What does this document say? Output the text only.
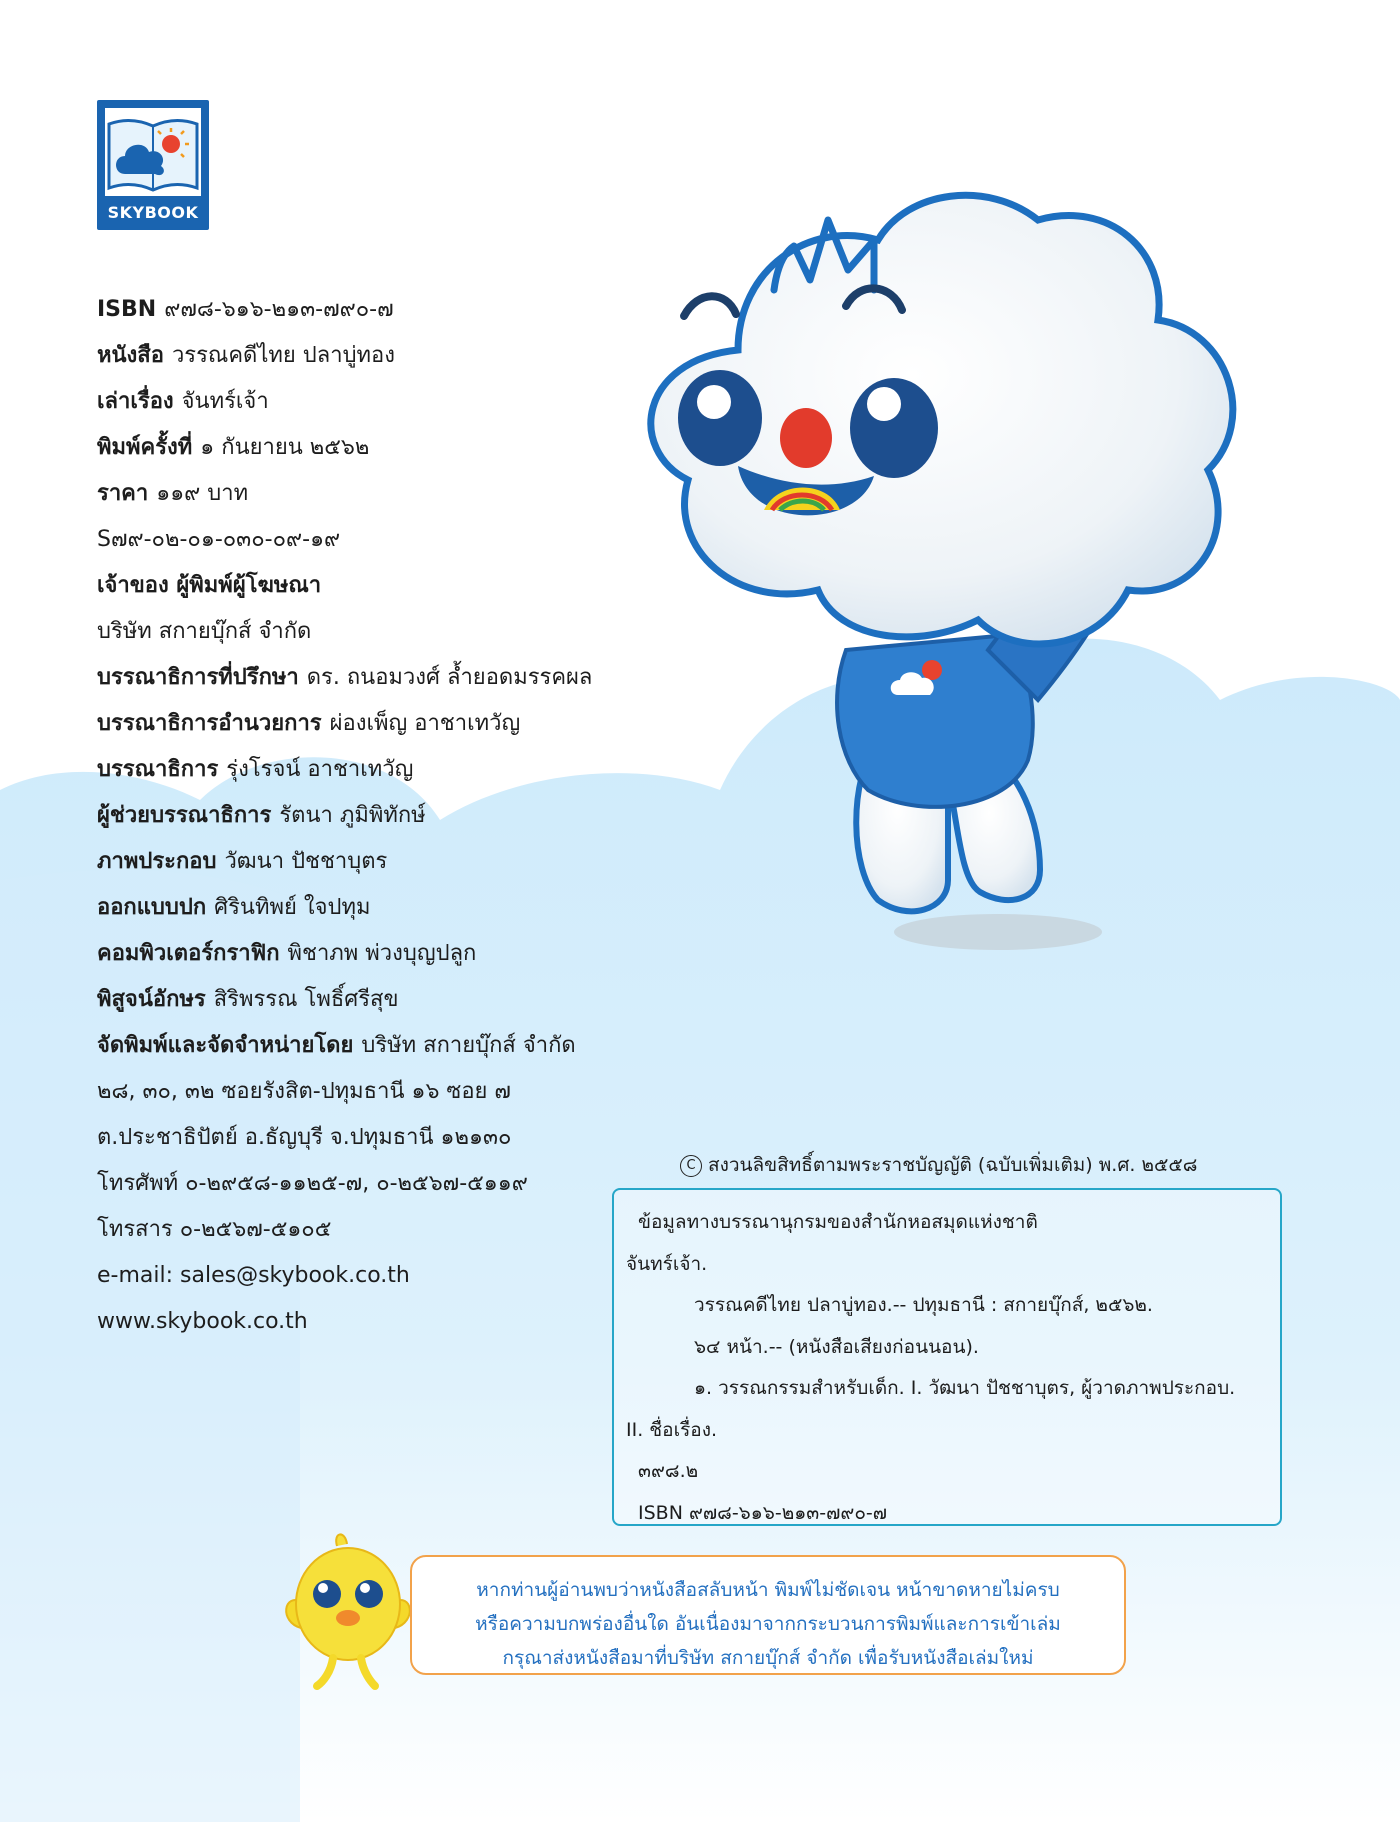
SKYBOOK
ISBN ๙๗๘-๖๑๖-๒๑๓-๗๙๐-๗
หนังสือ วรรณคดีไทย ปลาบู่ทอง
เล่าเรื่อง จันทร์เจ้า
พิมพ์ครั้งที่ ๑ กันยายน ๒๕๖๒
ราคา ๑๑๙ บาท
S๗๙-๐๒-๐๑-๐๓๐-๐๙-๑๙
เจ้าของ ผู้พิมพ์ผู้โฆษณา
บริษัท สกายบุ๊กส์ จำกัด
บรรณาธิการที่ปรึกษา ดร. ถนอมวงศ์ ล้ำยอดมรรคผล
บรรณาธิการอำนวยการ ผ่องเพ็ญ อาชาเทวัญ
บรรณาธิการ รุ่งโรจน์ อาชาเทวัญ
ผู้ช่วยบรรณาธิการ รัตนา ภูมิพิทักษ์
ภาพประกอบ วัฒนา ปัชชาบุตร
ออกแบบปก ศิรินทิพย์ ใจปทุม
คอมพิวเตอร์กราฟิก พิชาภพ พ่วงบุญปลูก
พิสูจน์อักษร สิริพรรณ โพธิ์ศรีสุข
จัดพิมพ์และจัดจำหน่ายโดย บริษัท สกายบุ๊กส์ จำกัด
๒๘, ๓๐, ๓๒ ซอยรังสิต-ปทุมธานี ๑๖ ซอย ๗
ต.ประชาธิปัตย์ อ.ธัญบุรี จ.ปทุมธานี ๑๒๑๓๐
โทรศัพท์ ๐-๒๙๕๘-๑๑๒๕-๗, ๐-๒๕๖๗-๕๑๑๙
โทรสาร ๐-๒๕๖๗-๕๑๐๕
e-mail: sales@skybook.co.th
www.skybook.co.th
C สงวนลิขสิทธิ์ตามพระราชบัญญัติ (ฉบับเพิ่มเติม) พ.ศ. ๒๕๕๘
ข้อมูลทางบรรณานุกรมของสำนักหอสมุดแห่งชาติ
จันทร์เจ้า.
วรรณคดีไทย ปลาบู่ทอง.-- ปทุมธานี : สกายบุ๊กส์, ๒๕๖๒.
๖๔ หน้า.-- (หนังสือเสียงก่อนนอน).
๑. วรรณกรรมสำหรับเด็ก. I. วัฒนา ปัชชาบุตร, ผู้วาดภาพประกอบ.
II. ชื่อเรื่อง.
๓๙๘.๒
ISBN ๙๗๘-๖๑๖-๒๑๓-๗๙๐-๗
หากท่านผู้อ่านพบว่าหนังสือสลับหน้า พิมพ์ไม่ชัดเจน หน้าขาดหายไม่ครบ
หรือความบกพร่องอื่นใด อันเนื่องมาจากกระบวนการพิมพ์และการเข้าเล่ม
กรุณาส่งหนังสือมาที่บริษัท สกายบุ๊กส์ จำกัด เพื่อรับหนังสือเล่มใหม่
